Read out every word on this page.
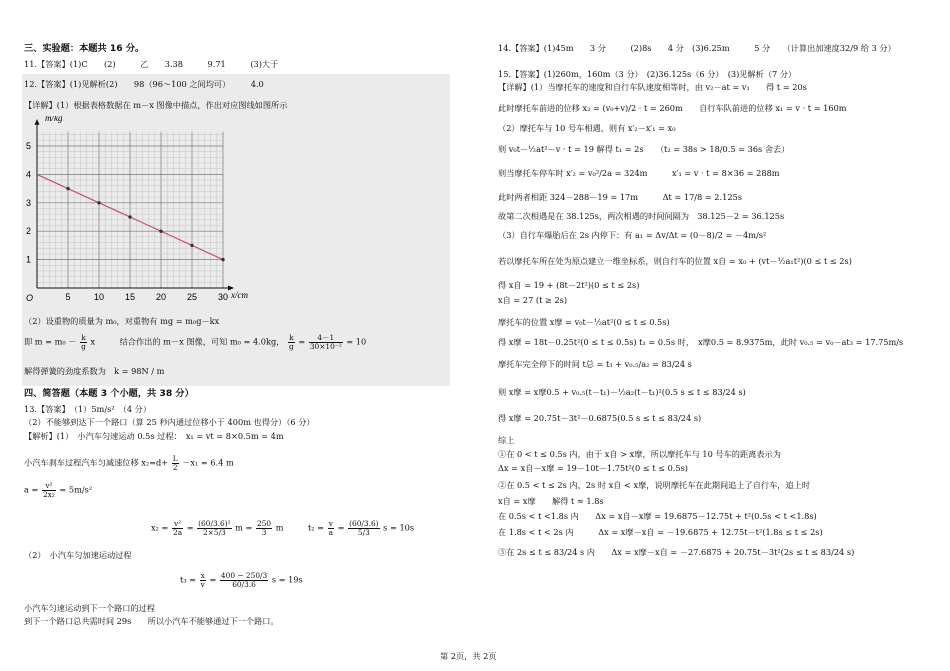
三、实验题：本题共 16 分。
11.【答案】(1)C　　(2)　　　乙　　3.38　　　9.71　　　(3)大于
12.【答案】(1)见解析(2)　　98（96～100 之间均可）　　　4.0
【详解】(1）根据表格数据在 m－x 图像中描点，作出对应图线如图所示
1
2
3
4
5
5	10 15 20 25 30
O
m/kg
x/cm
（2）设重物的质量为 m₀，对重物有 mg = m₀g－kx
即 $m = m_0 - \frac{k}{g}$ x　　　结合作出的 m－x 图像，可知 m₀ = 4.0kg， $\frac{k}{g} = \frac{4-1}{\text{30×10⁻²}} = 10$
解得弹簧的劲度系数为　k = 98N / m
四、简答题（本题 3 个小题，共 38 分）
13.【答案】　（1）5m/s²　（4 分）
（2）不能够到达下一个路口（算 25 秒内通过位移小于 400m 也得分）（6 分）
【解析】(1）　小汽车匀速运动 0.5s 过程：　x₁ = vt = 8×0.5m = 4m
小汽车刹车过程汽车匀减速位移 $x_2=d+ \frac{L}{2} -x_1 = 6.4$ m
$a = \frac{\text{v²}}{\text{2x₂}} = 5m/s^2$
$x_2 = \frac{\text{v²}}{2a} = \frac{\text{(60/3.6)²}}{2\times 5/3}$ $m = \frac{250}{3}$ m	$t_2 = \frac{v}{a} = \frac{(60/3.6)}{5/3}$ s = 10s
（2）　小汽车匀加速运动过程
$t_3 = \frac{x}{v} = \frac{400 - 250/3}{60/3.6}$ s = 19s
小汽车匀速运动到下一个路口的过程
到下一个路口总共需时间 29s　　所以小汽车不能够通过下一个路口。
14.【答案】(1)45m　　3 分　　　(2)8s　　4 分　(3)6.25m　　　5 分　　（计算出加速度32/9 给 3 分）
15.【答案】(1)260m，160m（3 分）　(2)36.125s（6 分）　(3)见解析（7 分）
【详解】(1）当摩托车的速度和自行车队速度相等时，由 v₂－at = v₁　　得 t = 20s
此时摩托车前进的位移 x₂ = (v₀+v)/2 · t = 260m　　自行车队前进的位移 x₁ = v · t = 160m
（2）摩托车与 10 号车相遇，则有 x′₂－x′₁ = x₀
则 v₀t－½at²－v · t = 19 解得 t₁ = 2s　　（t₂ = 38s > 18/0.5 = 36s 舍去）
则当摩托车停车时 x′₂ = v₀²/2a = 324m　　　x′₁ = v · t = 8×36 = 288m
此时两者相距 324－288－19 = 17m　　　Δt = 17/8 = 2.125s
故第二次相遇是在 38.125s，两次相遇的时间间隔为　38.125－2 = 36.125s
（3）自行车爆胎后在 2s 内停下：有 a₁ = Δv/Δt = (0－8)/2 = －4m/s²
若以摩托车所在处为原点建立一维坐标系，则自行车的位置 x自 = x₀ + (vt－½a₁t²)(0 ≤ t ≤ 2s)
得 x自 = 19 + (8t－2t²)(0 ≤ t ≤ 2s)
x自 = 27 (t ≥ 2s)
摩托车的位置 x摩 = v₀t－½at²(0 ≤ t ≤ 0.5s)
得 x摩 = 18t－0.25t²(0 ≤ t ≤ 0.5s) t₁ = 0.5s 时，　x摩0.5 = 8.9375m，此时 v₀.₅ = v₀－at₃ = 17.75m/s
摩托车完全停下的时间 t总 = t₃ + v₀.₅/a₂ = 83/24 s
则 x摩 = x摩0.5 + v₀.₅(t－t₁)－½a₂(t－t₁)²(0.5 s ≤ t ≤ 83/24 s)
得 x摩 = 20.75t－3t²－0.6875(0.5 s ≤ t ≤ 83/24 s)
综上
①在 0 < t ≤ 0.5s 内，由于 x自 > x摩，所以摩托车与 10 号车的距离表示为
Δx = x自－x摩 = 19－10t－1.75t²(0 ≤ t ≤ 0.5s)
②在 0.5 < t ≤ 2s 内，2s 时 x自 < x摩，说明摩托车在此期间追上了自行车，追上时
x自 = x摩　　解得 t ≈ 1.8s
在 0.5s < t <1.8s 内　　Δx = x自－x摩 = 19.6875－12.75t + t²(0.5s < t <1.8s)
在 1.8s < t < 2s 内　　　Δx = x摩－x自 = －19.6875 + 12.75t－t²(1.8s ≤ t ≤ 2s)
③在 2s ≤ t ≤ 83/24 s 内　　Δx = x摩－x自 = －27.6875 + 20.75t－3t²(2s ≤ t ≤ 83/24 s)
第 2页，共 2页
